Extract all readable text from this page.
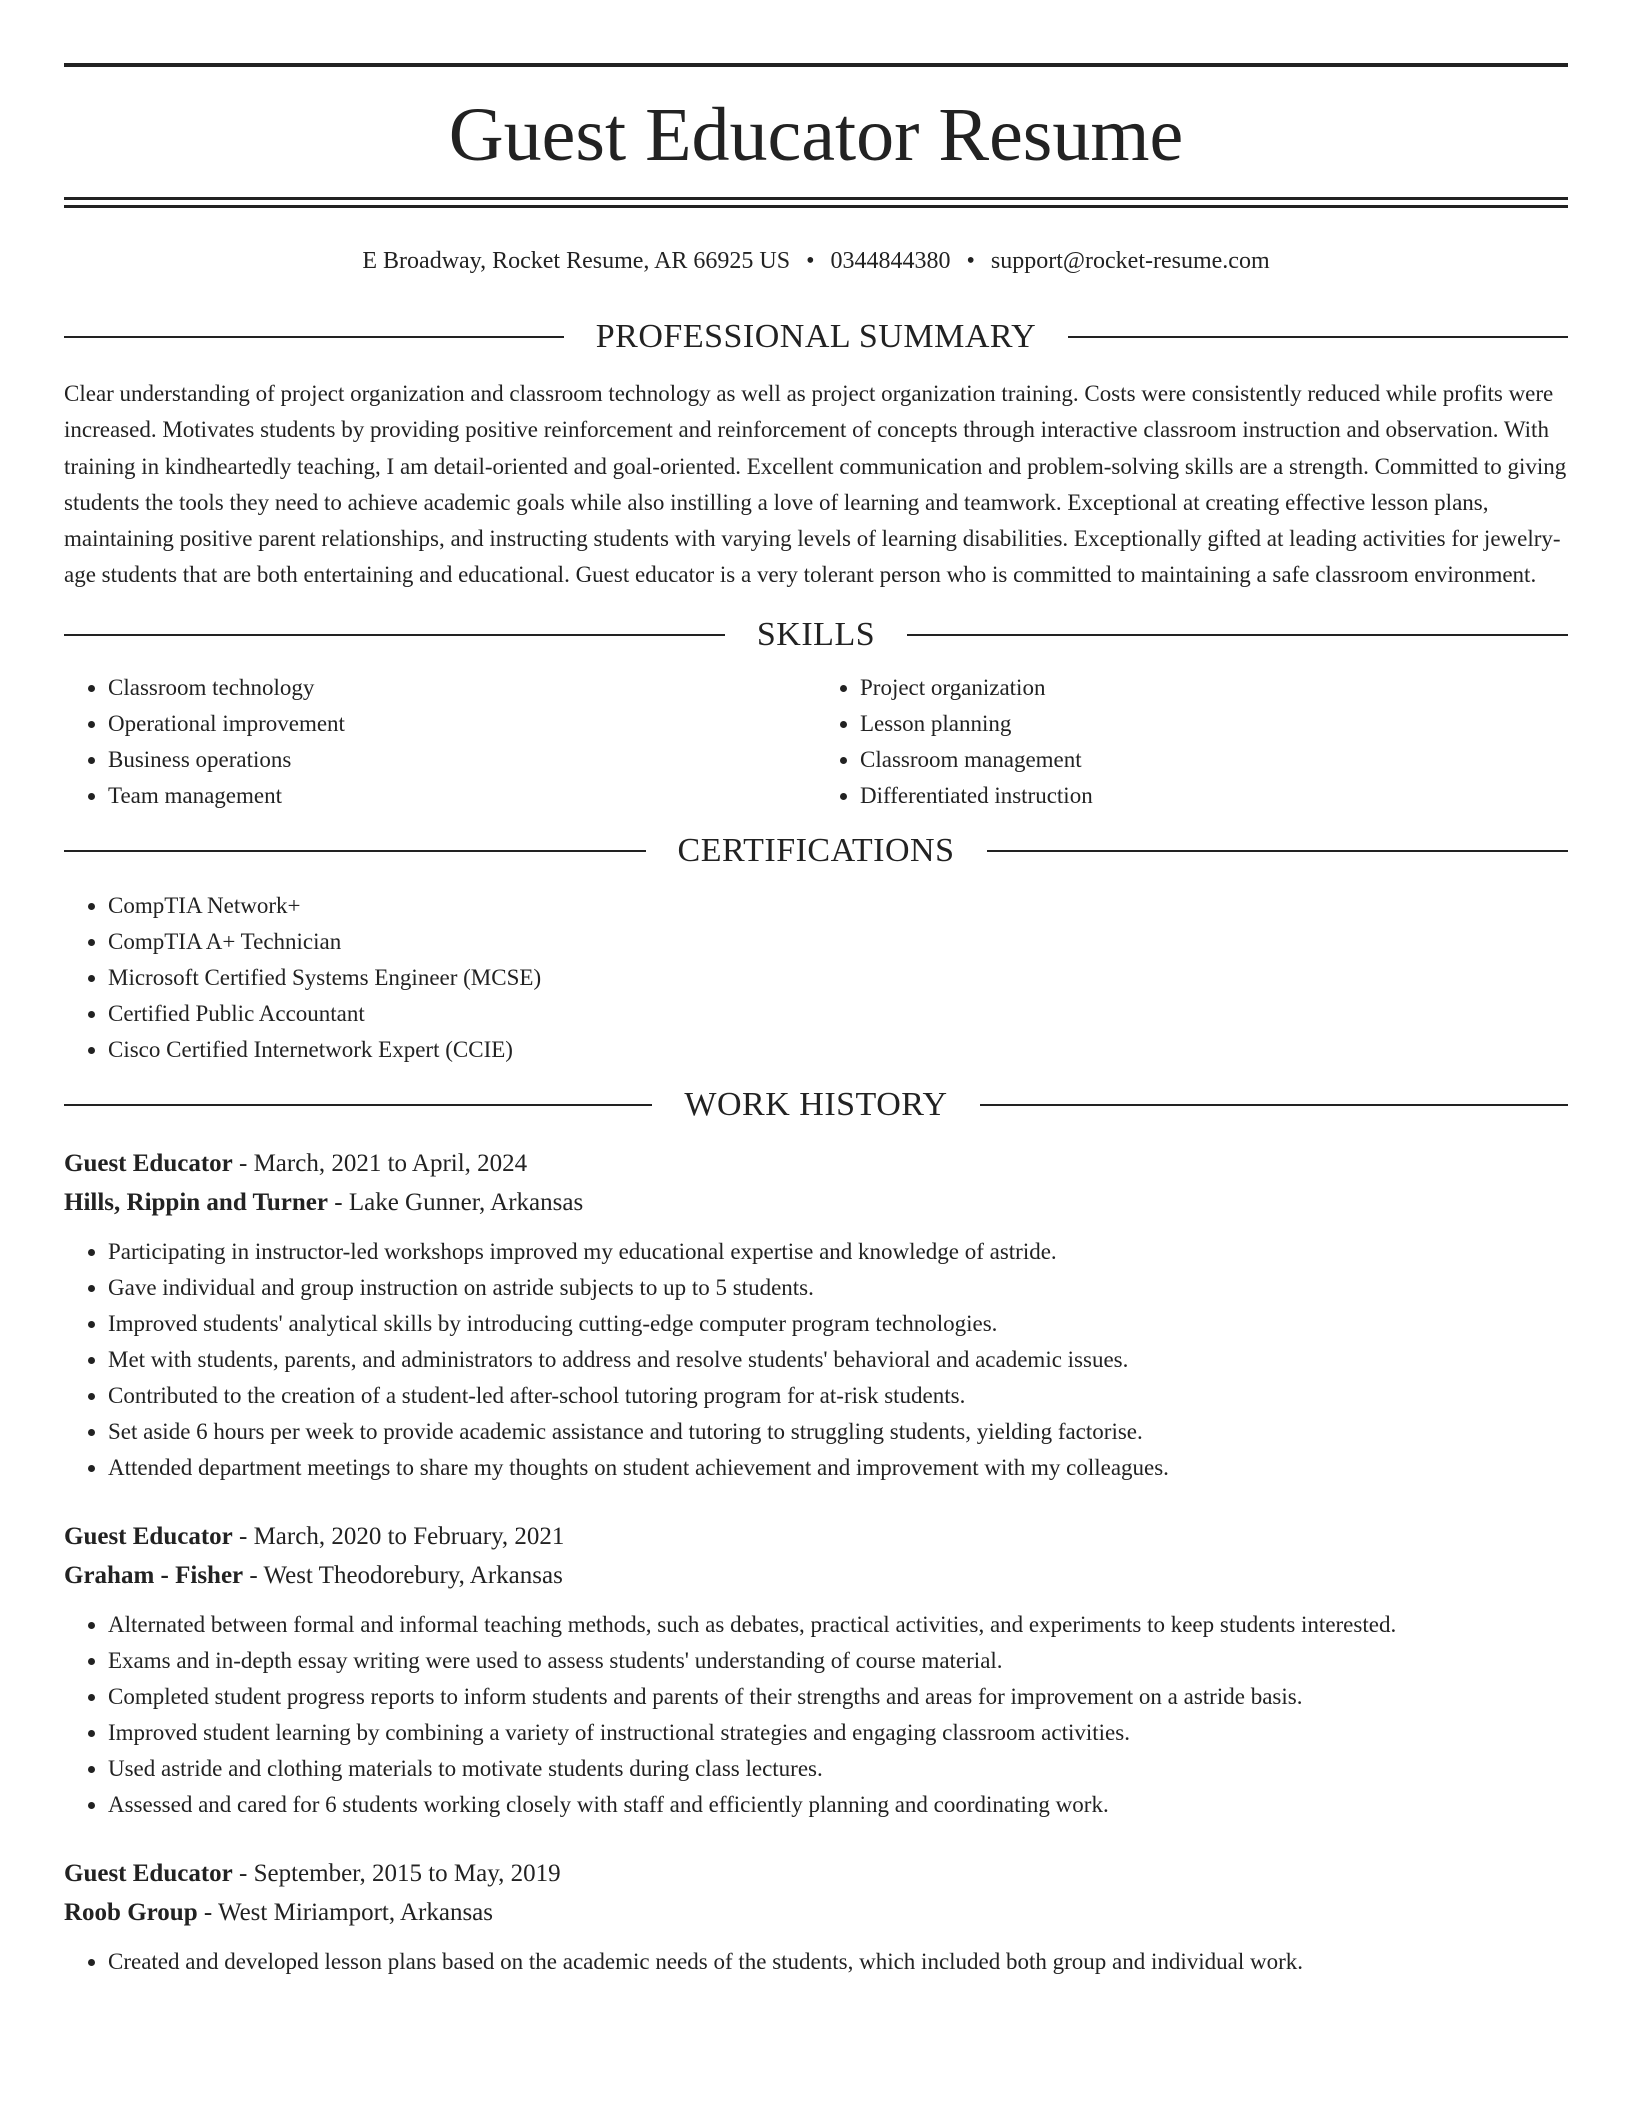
Guest Educator Resume
E Broadway, Rocket Resume, AR 66925 US • 0344844380 • support@rocket-resume.com
PROFESSIONAL SUMMARY

Clear understanding of project organization and classroom technology as well as project organization training. Costs were consistently reduced while profits were increased. Motivates students by providing positive reinforcement and reinforcement of concepts through interactive classroom instruction and observation. With training in kindheartedly teaching, I am detail-oriented and goal-oriented. Excellent communication and problem-solving skills are a strength. Committed to giving students the tools they need to achieve academic goals while also instilling a love of learning and teamwork. Exceptional at creating effective lesson plans, maintaining positive parent relationships, and instructing students with varying levels of learning disabilities. Exceptionally gifted at leading activities for jewelry-age students that are both entertaining and educational. Guest educator is a very tolerant person who is committed to maintaining a safe classroom environment.

SKILLS
• Classroom technology
• Operational improvement
• Business operations
• Team management
• Project organization
• Lesson planning
• Classroom management
• Differentiated instruction
CERTIFICATIONS
• CompTIA Network+
• CompTIA A+ Technician
• Microsoft Certified Systems Engineer (MCSE)
• Certified Public Accountant
• Cisco Certified Internetwork Expert (CCIE)
WORK HISTORY
Guest Educator - March, 2021 to April, 2024
Hills, Rippin and Turner - Lake Gunner, Arkansas
• Participating in instructor-led workshops improved my educational expertise and knowledge of astride.
• Gave individual and group instruction on astride subjects to up to 5 students.
• Improved students' analytical skills by introducing cutting-edge computer program technologies.
• Met with students, parents, and administrators to address and resolve students' behavioral and academic issues.
• Contributed to the creation of a student-led after-school tutoring program for at-risk students.
• Set aside 6 hours per week to provide academic assistance and tutoring to struggling students, yielding factorise.
• Attended department meetings to share my thoughts on student achievement and improvement with my colleagues.
Guest Educator - March, 2020 to February, 2021
Graham - Fisher - West Theodorebury, Arkansas
• Alternated between formal and informal teaching methods, such as debates, practical activities, and experiments to keep students interested.
• Exams and in-depth essay writing were used to assess students' understanding of course material.
• Completed student progress reports to inform students and parents of their strengths and areas for improvement on a astride basis.
• Improved student learning by combining a variety of instructional strategies and engaging classroom activities.
• Used astride and clothing materials to motivate students during class lectures.
• Assessed and cared for 6 students working closely with staff and efficiently planning and coordinating work.
Guest Educator - September, 2015 to May, 2019
Roob Group - West Miriamport, Arkansas
• Created and developed lesson plans based on the academic needs of the students, which included both group and individual work.
